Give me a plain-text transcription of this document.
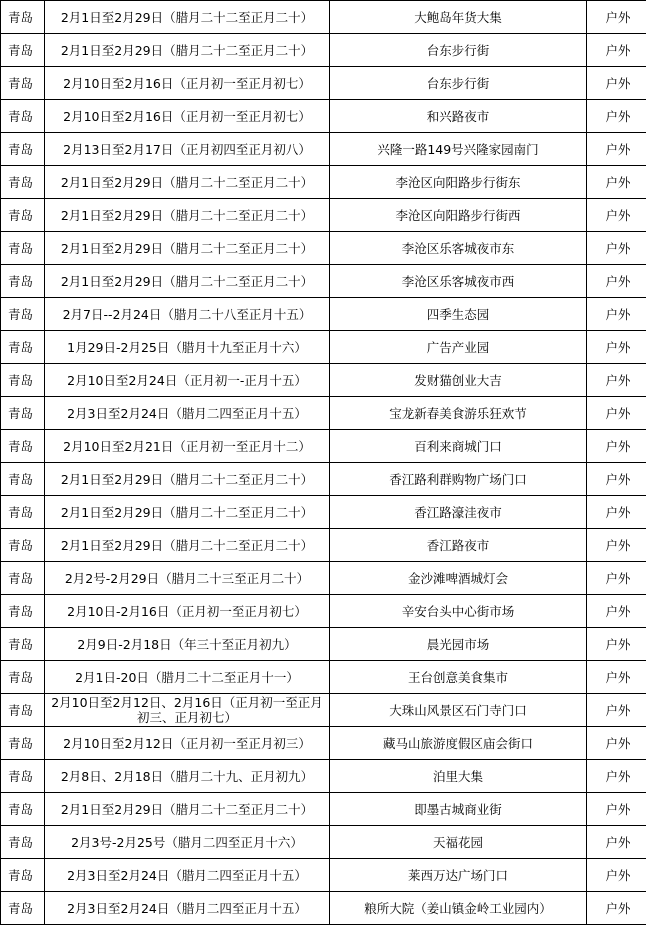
青岛	2月1日至2月29日（腊月二十二至正月二十）	大鲍岛年货大集	户外
青岛	2月1日至2月29日（腊月二十二至正月二十）	台东步行街	户外
青岛	2月10日至2月16日（正月初一至正月初七）	台东步行街	户外
青岛	2月10日至2月16日（正月初一至正月初七）	和兴路夜市	户外
青岛	2月13日至2月17日（正月初四至正月初八）	兴隆一路149号兴隆家园南门	户外
青岛	2月1日至2月29日（腊月二十二至正月二十）	李沧区向阳路步行街东	户外
青岛	2月1日至2月29日（腊月二十二至正月二十）	李沧区向阳路步行街西	户外
青岛	2月1日至2月29日（腊月二十二至正月二十）	李沧区乐客城夜市东	户外
青岛	2月1日至2月29日（腊月二十二至正月二十）	李沧区乐客城夜市西	户外
青岛	2月7日--2月24日（腊月二十八至正月十五）	四季生态园	户外
青岛	1月29日-2月25日（腊月十九至正月十六）	广告产业园	户外
青岛	2月10日至2月24日（正月初一-正月十五）	发财猫创业大吉	户外
青岛	2月3日至2月24日（腊月二四至正月十五）	宝龙新春美食游乐狂欢节	户外
青岛	2月10日至2月21日（正月初一至正月十二）	百利来商城门口	户外
青岛	2月1日至2月29日（腊月二十二至正月二十）	香江路利群购物广场门口	户外
青岛	2月1日至2月29日（腊月二十二至正月二十）	香江路濠洼夜市	户外
青岛	2月1日至2月29日（腊月二十二至正月二十）	香江路夜市	户外
青岛	2月2号-2月29日（腊月二十三至正月二十）	金沙滩啤酒城灯会	户外
青岛	2月10日-2月16日（正月初一至正月初七）	辛安台头中心街市场	户外
青岛	2月9日-2月18日（年三十至正月初九）	晨光园市场	户外
青岛	2月1日-20日（腊月二十二至正月十一）	王台创意美食集市	户外
青岛	2月10日至2月12日、2月16日（正月初一至正月初三、正月初七）	大珠山风景区石门寺门口	户外
青岛	2月10日至2月12日（正月初一至正月初三）	藏马山旅游度假区庙会街口	户外
青岛	2月8日、2月18日（腊月二十九、正月初九）	泊里大集	户外
青岛	2月1日至2月29日（腊月二十二至正月二十）	即墨古城商业街	户外
青岛	2月3号-2月25号（腊月二四至正月十六）	天福花园	户外
青岛	2月3日至2月24日（腊月二四至正月十五）	莱西万达广场门口	户外
青岛	2月3日至2月24日（腊月二四至正月十五）	粮所大院（姜山镇金岭工业园内）	户外
